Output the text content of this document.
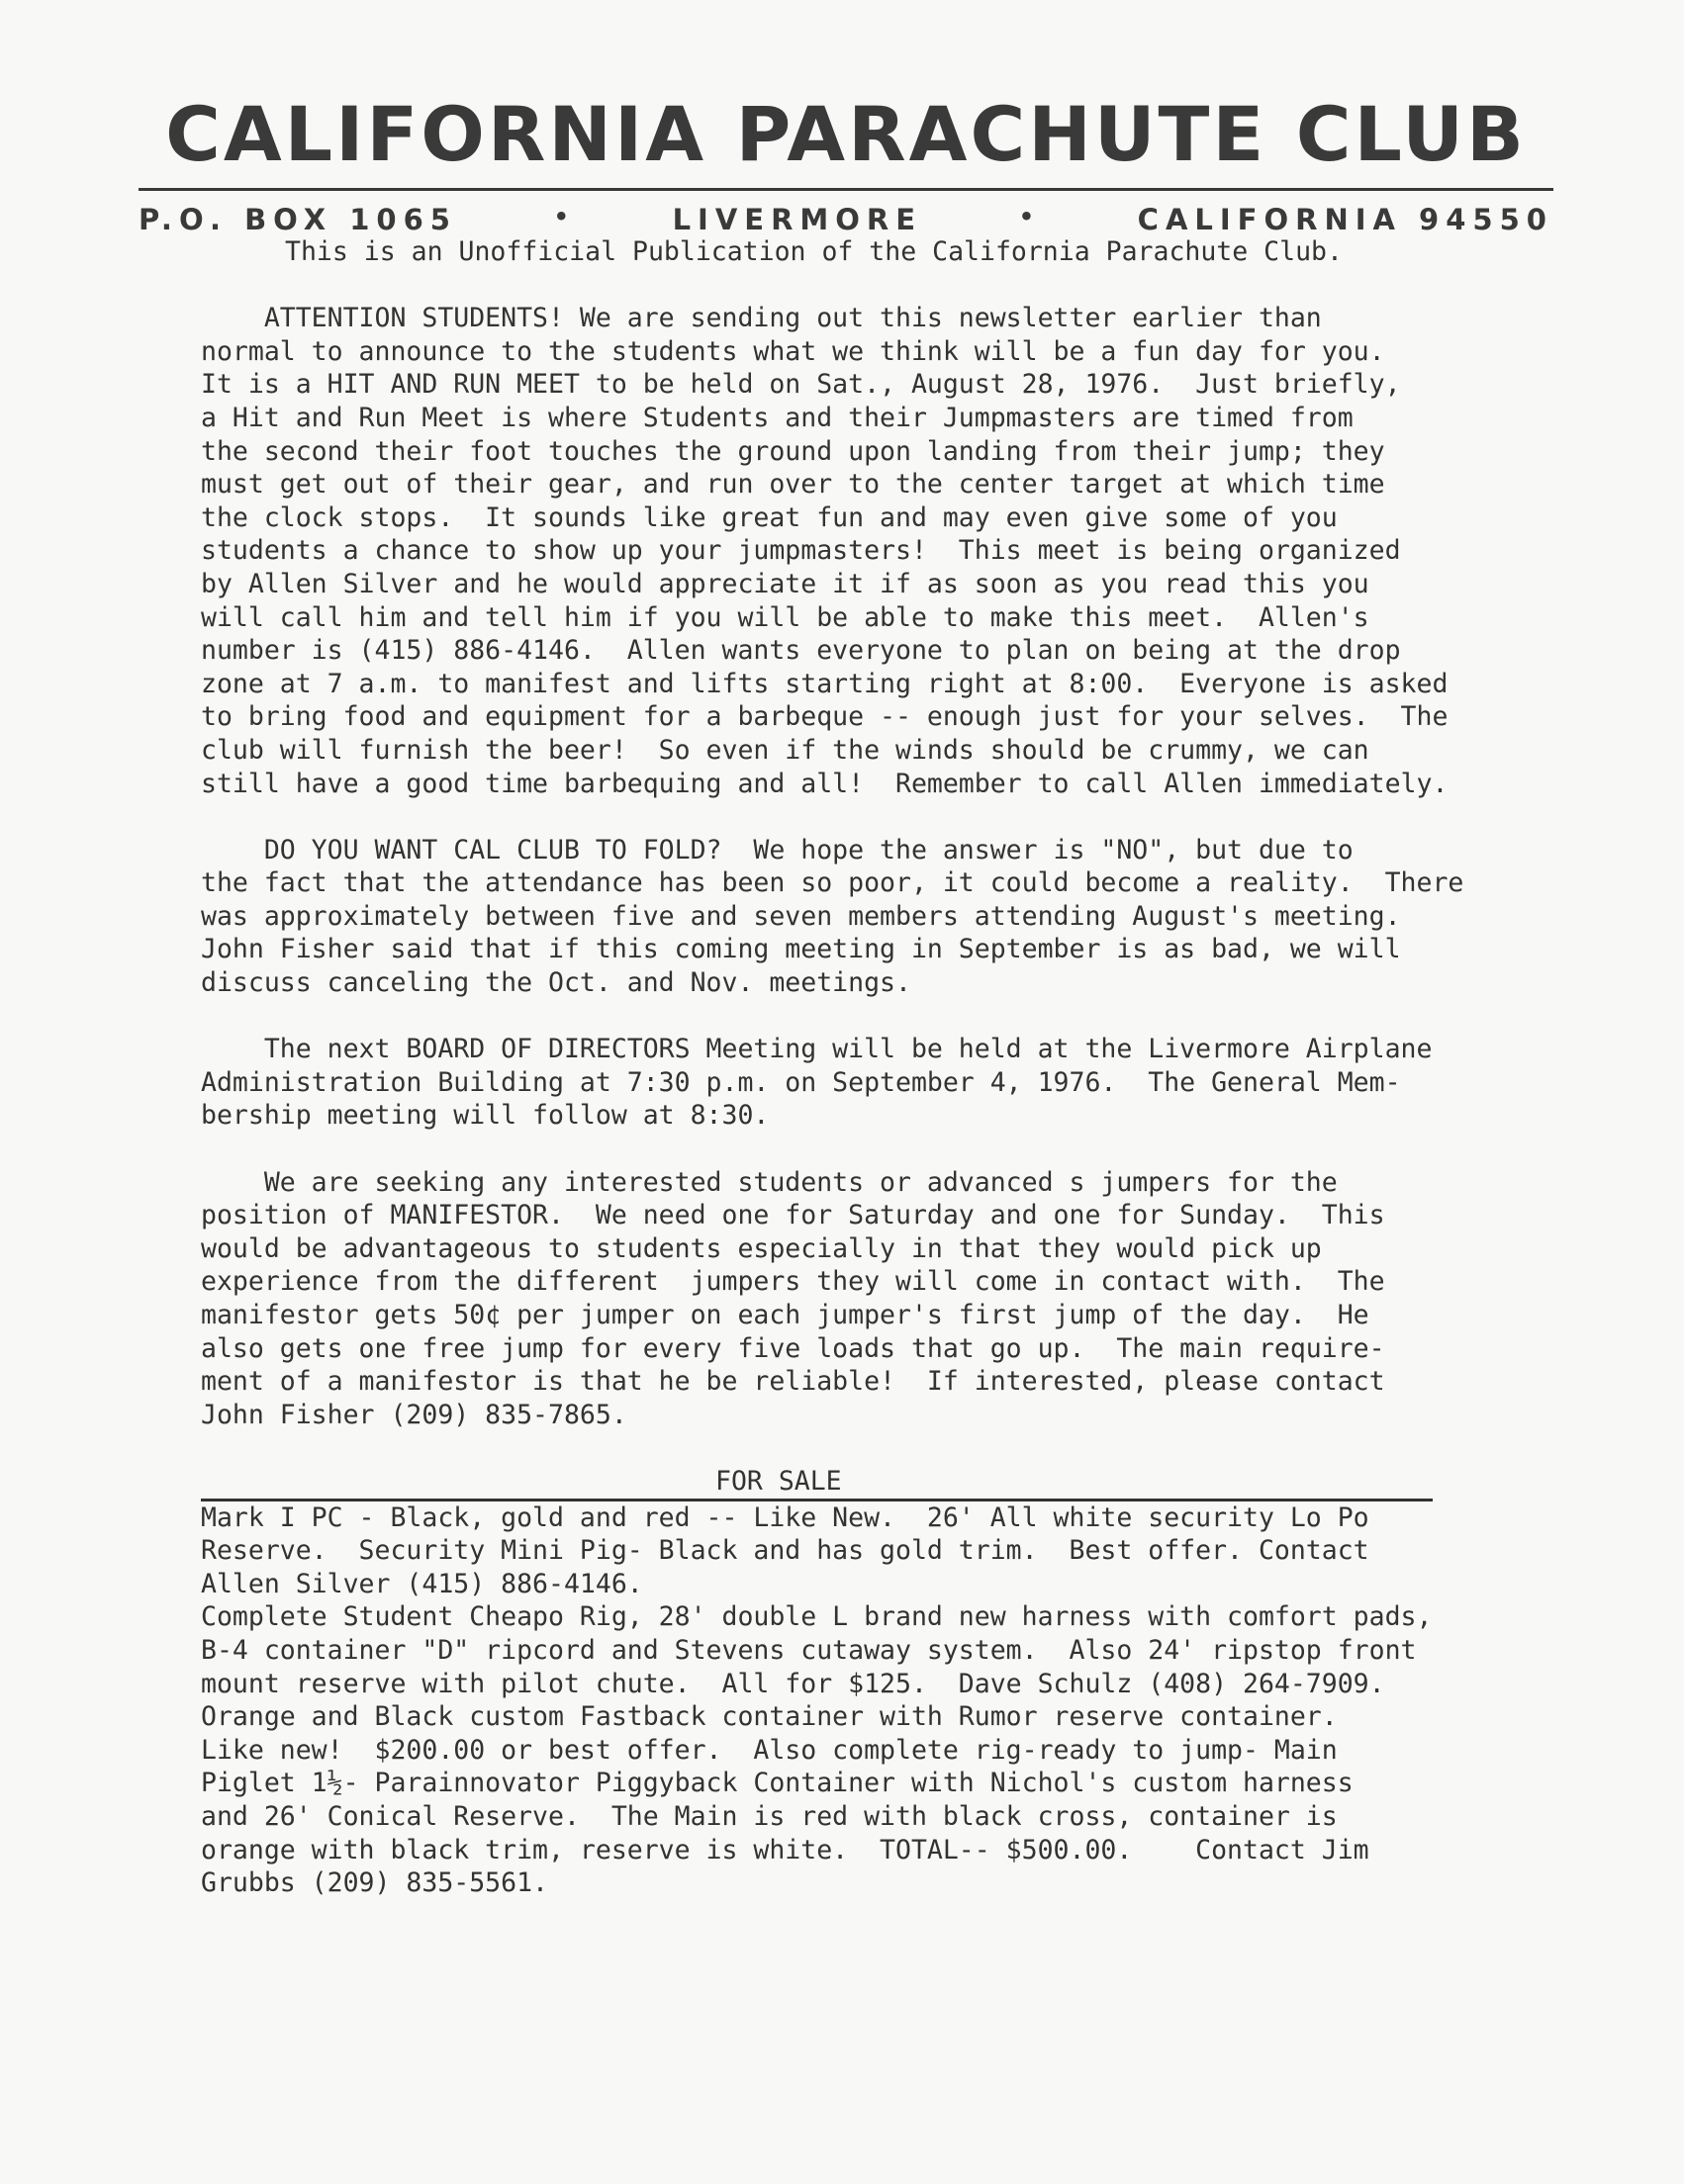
CALIFORNIA PARACHUTE CLUB
P.O. BOX 1065	•	LIVERMORE	•	CALIFORNIA 94550
This is an Unofficial Publication of the California Parachute Club.
ATTENTION STUDENTS! We are sending out this newsletter earlier than
normal to announce to the students what we think will be a fun day for you.
It is a HIT AND RUN MEET to be held on Sat., August 28, 1976.  Just briefly,
a Hit and Run Meet is where Students and their Jumpmasters are timed from
the second their foot touches the ground upon landing from their jump; they
must get out of their gear, and run over to the center target at which time
the clock stops.  It sounds like great fun and may even give some of you
students a chance to show up your jumpmasters!  This meet is being organized
by Allen Silver and he would appreciate it if as soon as you read this you
will call him and tell him if you will be able to make this meet.  Allen's
number is (415) 886-4146.  Allen wants everyone to plan on being at the drop
zone at 7 a.m. to manifest and lifts starting right at 8:00.  Everyone is asked
to bring food and equipment for a barbeque -- enough just for your selves.  The
club will furnish the beer!  So even if the winds should be crummy, we can
still have a good time barbequing and all!  Remember to call Allen immediately.
DO YOU WANT CAL CLUB TO FOLD?  We hope the answer is "NO", but due to
the fact that the attendance has been so poor, it could become a reality.  There
was approximately between five and seven members attending August's meeting.
John Fisher said that if this coming meeting in September is as bad, we will
discuss canceling the Oct. and Nov. meetings.
The next BOARD OF DIRECTORS Meeting will be held at the Livermore Airplane
Administration Building at 7:30 p.m. on September 4, 1976.  The General Mem-
bership meeting will follow at 8:30.
We are seeking any interested students or advanced s jumpers for the
position of MANIFESTOR.  We need one for Saturday and one for Sunday.  This
would be advantageous to students especially in that they would pick up
experience from the different  jumpers they will come in contact with.  The
manifestor gets 50¢ per jumper on each jumper's first jump of the day.  He
also gets one free jump for every five loads that go up.  The main require-
ment of a manifestor is that he be reliable!  If interested, please contact
John Fisher (209) 835-7865.
FOR SALE
Mark I PC - Black, gold and red -- Like New.  26' All white security Lo Po
Reserve.  Security Mini Pig- Black and has gold trim.  Best offer. Contact
Allen Silver (415) 886-4146.
Complete Student Cheapo Rig, 28' double L brand new harness with comfort pads,
B-4 container "D" ripcord and Stevens cutaway system.  Also 24' ripstop front
mount reserve with pilot chute.  All for $125.  Dave Schulz (408) 264-7909.
Orange and Black custom Fastback container with Rumor reserve container.
Like new!  $200.00 or best offer.  Also complete rig-ready to jump- Main
Piglet 1½- Parainnovator Piggyback Container with Nichol's custom harness
and 26' Conical Reserve.  The Main is red with black cross, container is
orange with black trim, reserve is white.  TOTAL-- $500.00.    Contact Jim
Grubbs (209) 835-5561.
